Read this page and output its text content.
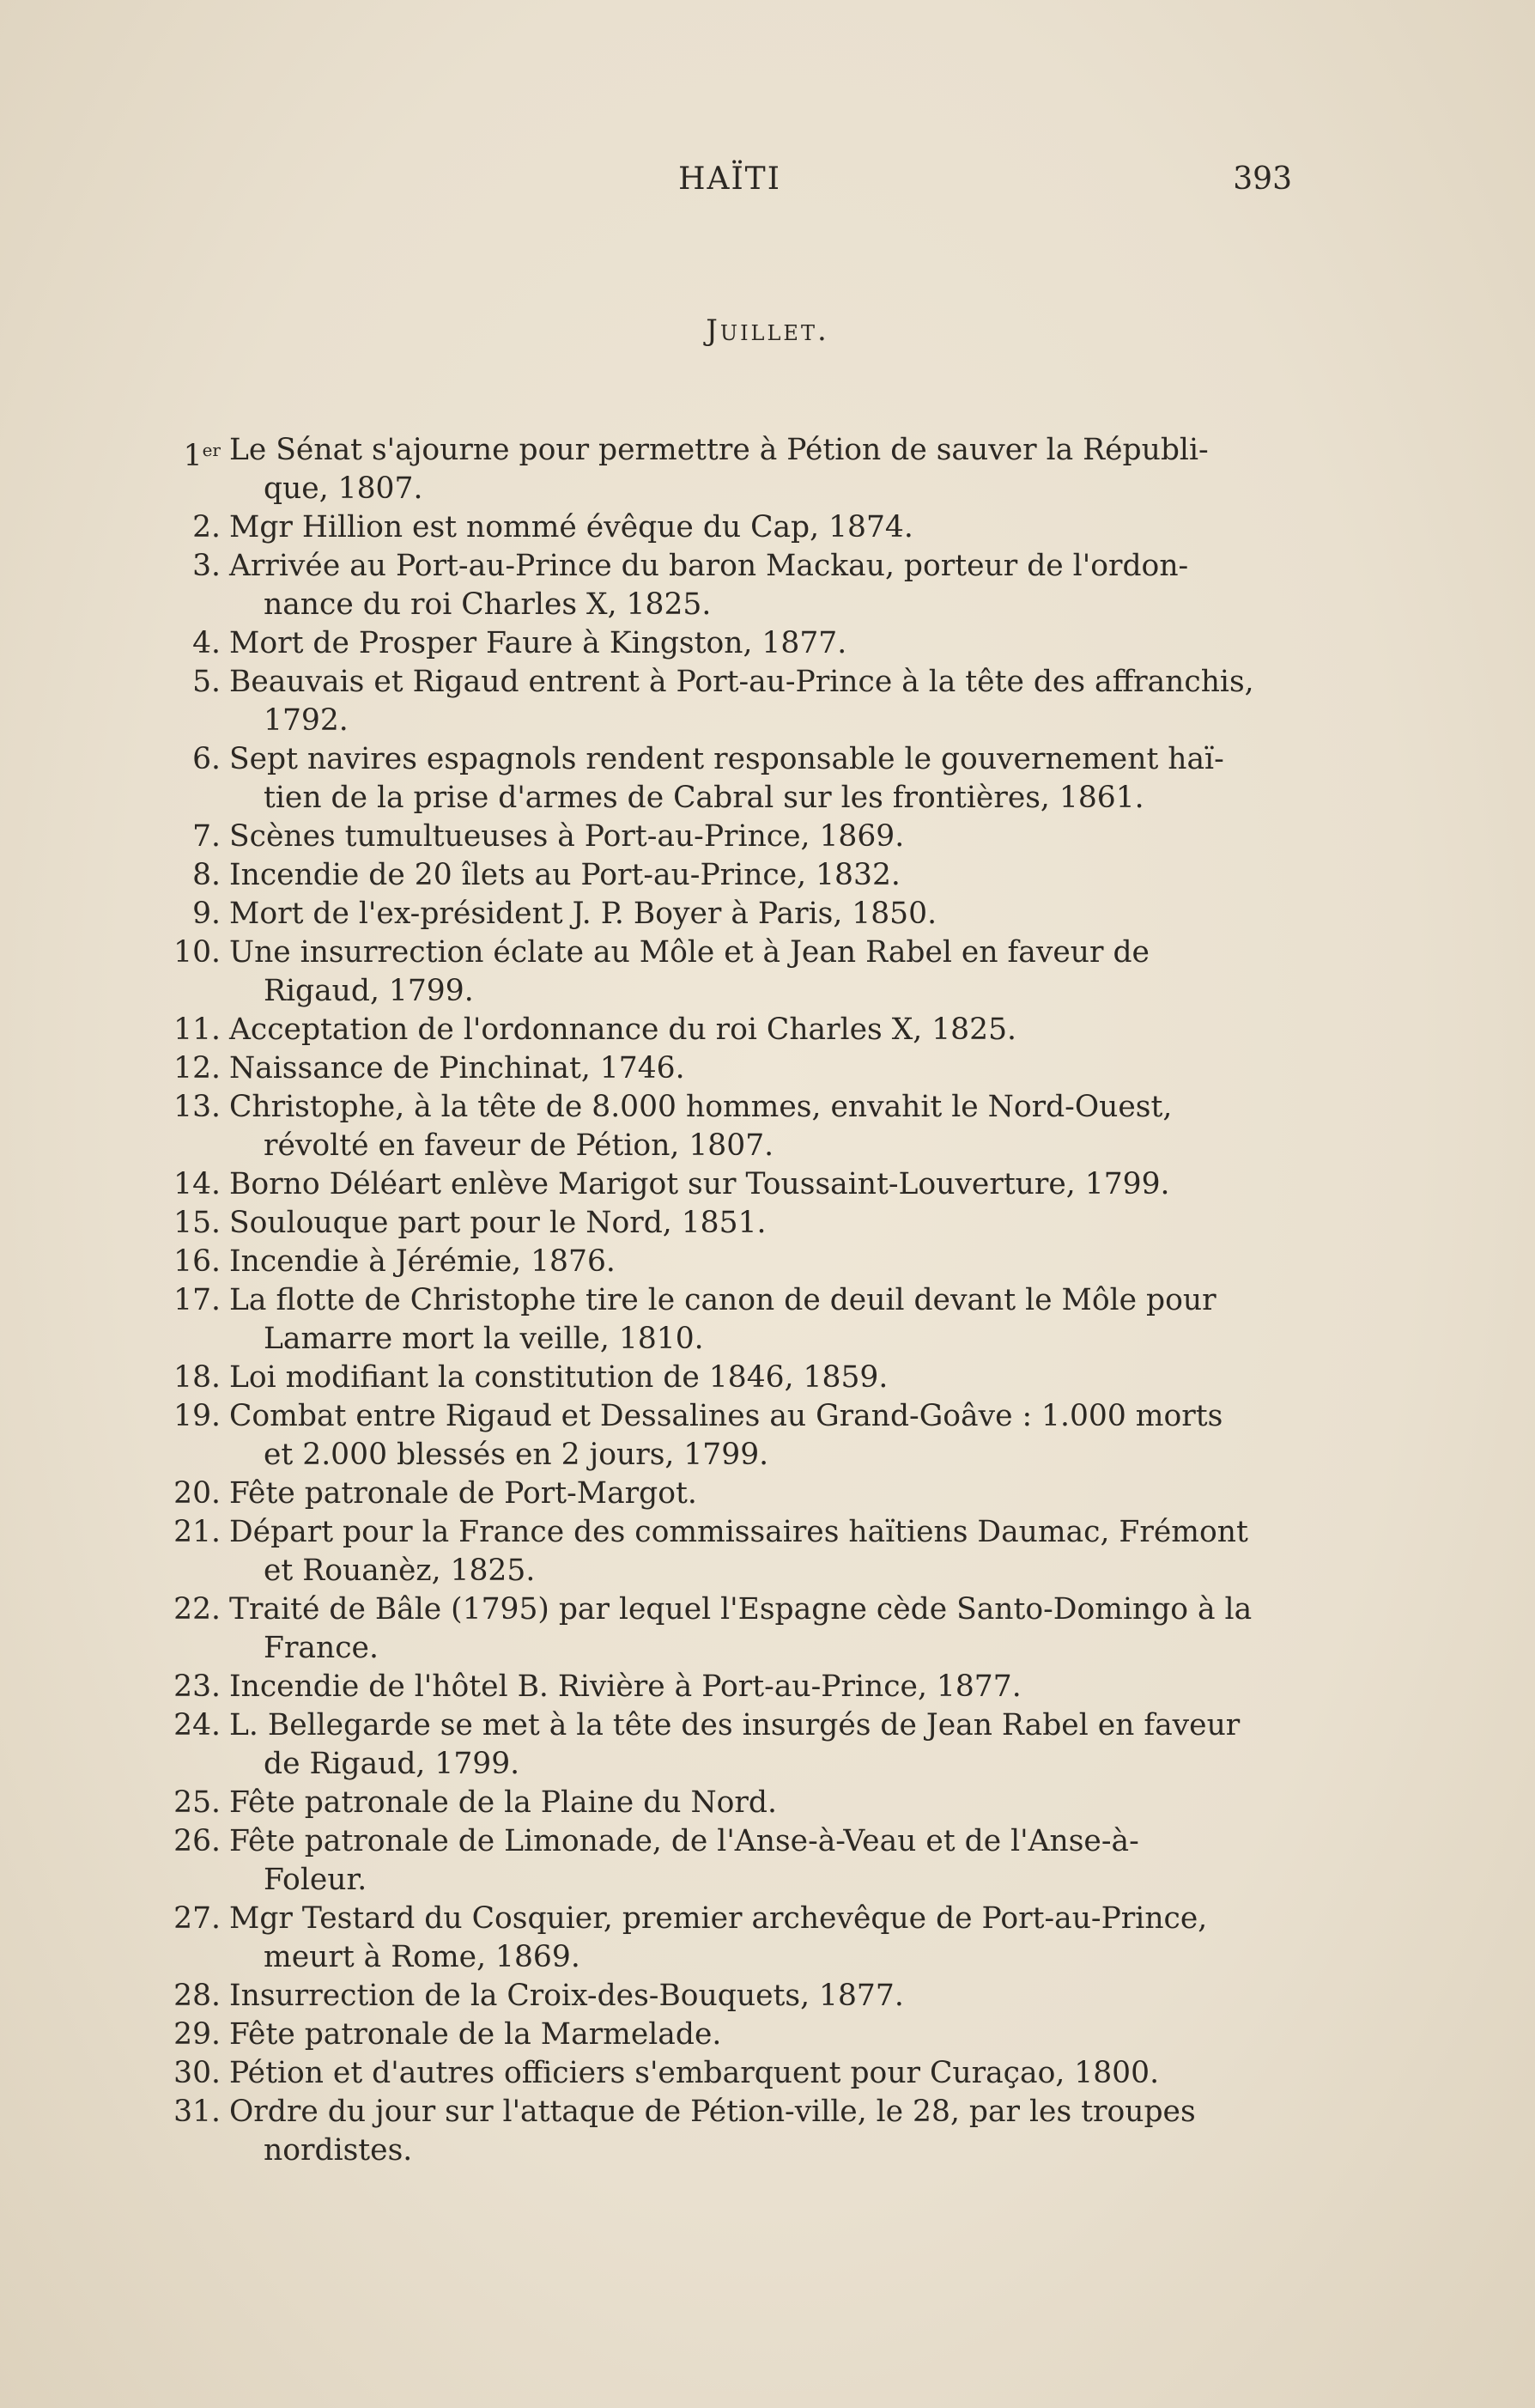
HAÏTI	393
Juillet.
1er Le Sénat s'ajourne pour permettre à Pétion de sauver la Républi-
que, 1807.
2. Mgr Hillion est nommé évêque du Cap, 1874.
3. Arrivée au Port-au-Prince du baron Mackau, porteur de l'ordon-
nance du roi Charles X, 1825.
4. Mort de Prosper Faure à Kingston, 1877.
5. Beauvais et Rigaud entrent à Port-au-Prince à la tête des affranchis,
1792.
6. Sept navires espagnols rendent responsable le gouvernement haï-
tien de la prise d'armes de Cabral sur les frontières, 1861.
7. Scènes tumultueuses à Port-au-Prince, 1869.
8. Incendie de 20 îlets au Port-au-Prince, 1832.
9. Mort de l'ex-président J. P. Boyer à Paris, 1850.
10. Une insurrection éclate au Môle et à Jean Rabel en faveur de
Rigaud, 1799.
11. Acceptation de l'ordonnance du roi Charles X, 1825.
12. Naissance de Pinchinat, 1746.
13. Christophe, à la tête de 8.000 hommes, envahit le Nord-Ouest,
révolté en faveur de Pétion, 1807.
14. Borno Déléart enlève Marigot sur Toussaint-Louverture, 1799.
15. Soulouque part pour le Nord, 1851.
16. Incendie à Jérémie, 1876.
17. La flotte de Christophe tire le canon de deuil devant le Môle pour
Lamarre mort la veille, 1810.
18. Loi modifiant la constitution de 1846, 1859.
19. Combat entre Rigaud et Dessalines au Grand-Goâve : 1.000 morts
et 2.000 blessés en 2 jours, 1799.
20. Fête patronale de Port-Margot.
21. Départ pour la France des commissaires haïtiens Daumac, Frémont
et Rouanèz, 1825.
22. Traité de Bâle (1795) par lequel l'Espagne cède Santo-Domingo à la
France.
23. Incendie de l'hôtel B. Rivière à Port-au-Prince, 1877.
24. L. Bellegarde se met à la tête des insurgés de Jean Rabel en faveur
de Rigaud, 1799.
25. Fête patronale de la Plaine du Nord.
26. Fête patronale de Limonade, de l'Anse-à-Veau et de l'Anse-à-
Foleur.
27. Mgr Testard du Cosquier, premier archevêque de Port-au-Prince,
meurt à Rome, 1869.
28. Insurrection de la Croix-des-Bouquets, 1877.
29. Fête patronale de la Marmelade.
30. Pétion et d'autres officiers s'embarquent pour Curaçao, 1800.
31. Ordre du jour sur l'attaque de Pétion-ville, le 28, par les troupes
nordistes.
